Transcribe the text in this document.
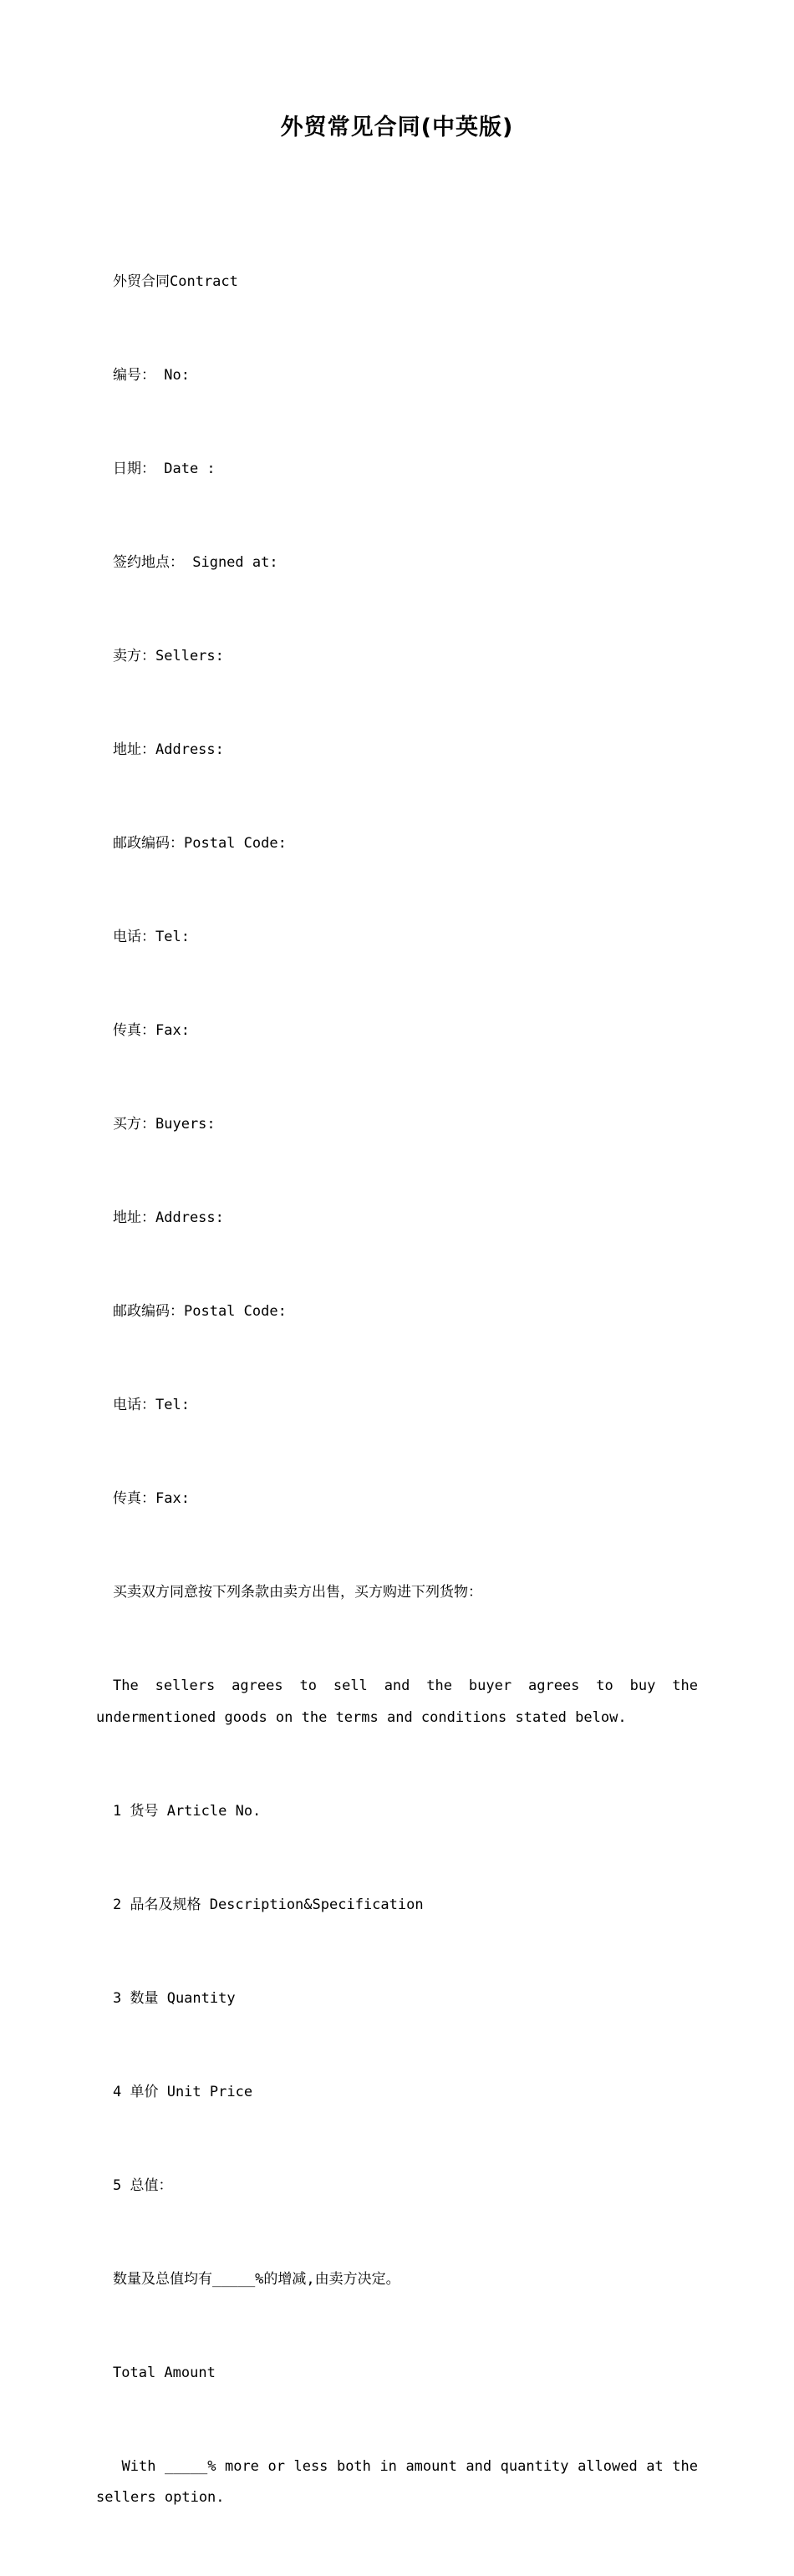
外贸常见合同(中英版)

外贸合同Contract

编号： No:

日期： Date :

签约地点： Signed at:

卖方：Sellers:

地址：Address:

邮政编码：Postal Code:

电话：Tel:

传真：Fax:

买方：Buyers:

地址：Address:

邮政编码：Postal Code:

电话：Tel:

传真：Fax:

买卖双方同意按下列条款由卖方出售，买方购进下列货物：

The sellers agrees to sell and the buyer agrees to buy the undermentioned goods on the terms and conditions stated below.

1 货号 Article No.

2 品名及规格 Description&Specification

3 数量 Quantity

4 单价 Unit Price

5 总值：

数量及总值均有_____%的增减,由卖方决定。

Total Amount

With _____% more or less both in amount and quantity allowed at the sellers option.
